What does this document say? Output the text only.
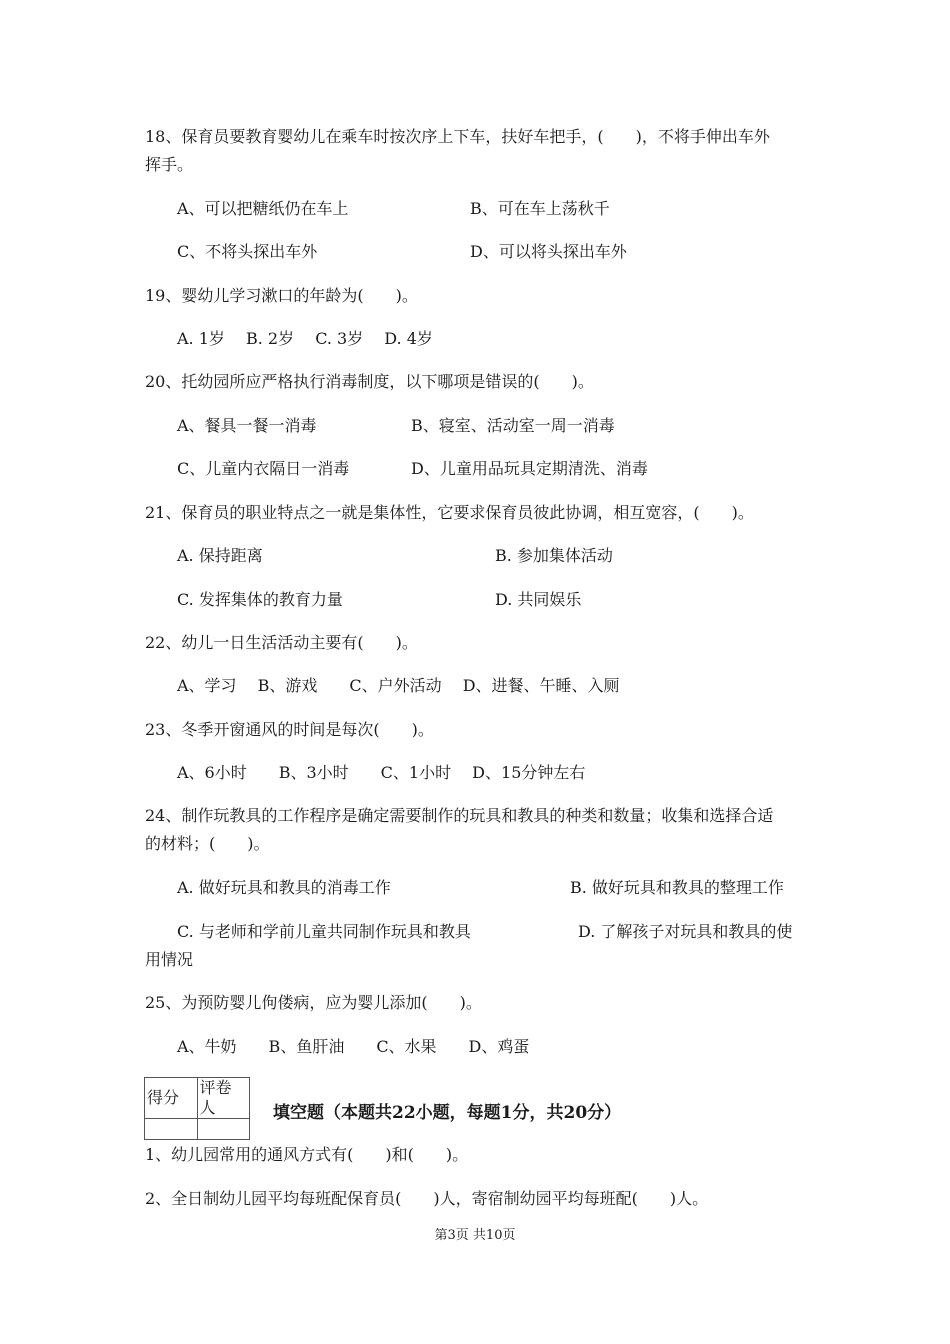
18、保育员要教育婴幼儿在乘车时按次序上下车，扶好车把手，(　　)，不将手伸出车外
挥手。
A、可以把糖纸仍在车上	B、可在车上荡秋千
C、不将头探出车外	D、可以将头探出车外
19、婴幼儿学习漱口的年龄为(　　)。
A. 1岁　 B. 2岁　 C. 3岁　 D. 4岁
20、托幼园所应严格执行消毒制度，以下哪项是错误的(　　)。
A、餐具一餐一消毒	B、寝室、活动室一周一消毒
C、儿童内衣隔日一消毒	D、儿童用品玩具定期清洗、消毒
21、保育员的职业特点之一就是集体性，它要求保育员彼此协调，相互宽容，(　　)。
A. 保持距离	B. 参加集体活动
C. 发挥集体的教育力量	D. 共同娱乐
22、幼儿一日生活活动主要有(　　)。
A、学习　 B、游戏　　C、户外活动　 D、进餐、午睡、入厕
23、冬季开窗通风的时间是每次(　　)。
A、6小时　　B、3小时　　C、1小时　 D、15分钟左右
24、制作玩教具的工作程序是确定需要制作的玩具和教具的种类和数量；收集和选择合适
的材料；(　　)。
A. 做好玩具和教具的消毒工作	B. 做好玩具和教具的整理工作
C. 与老师和学前儿童共同制作玩具和教具	D. 了解孩子对玩具和教具的使
用情况
25、为预防婴儿佝偻病，应为婴儿添加(　　)。
A、牛奶　　B、鱼肝油　　C、水果　　D、鸡蛋
得分	评卷人
		填空题（本题共22小题，每题1分，共20分）
1、幼儿园常用的通风方式有(　　)和(　　)。
2、全日制幼儿园平均每班配保育员(　　)人，寄宿制幼园平均每班配(　　)人。
第3页 共10页
